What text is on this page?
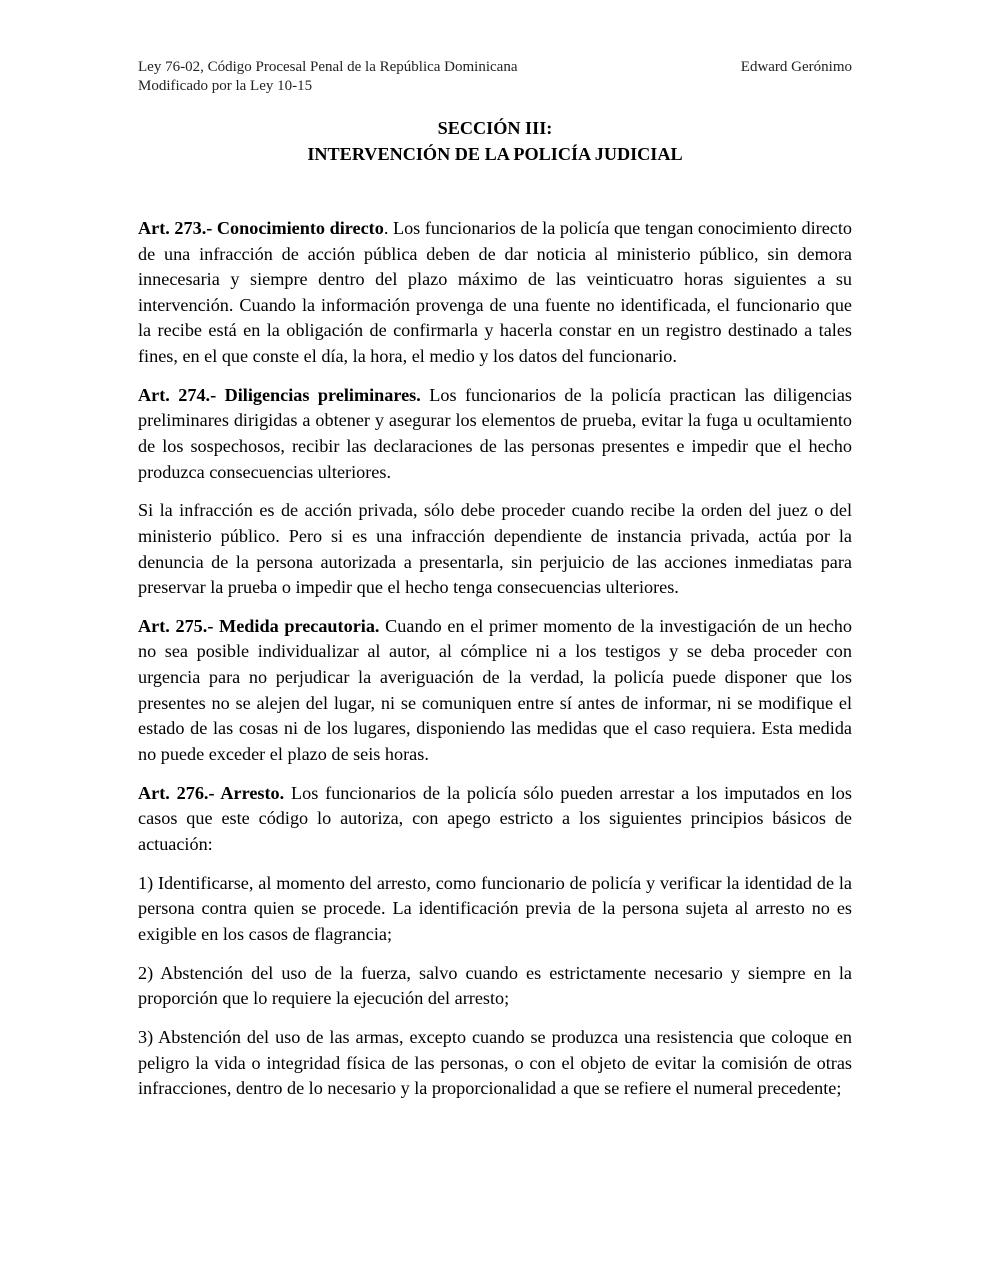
Ley 76-02, Código Procesal Penal de la República Dominicana	Edward Gerónimo
Modificado por la Ley 10-15
SECCIÓN III:
INTERVENCIÓN DE LA POLICÍA JUDICIAL

Art. 273.- Conocimiento directo. Los funcionarios de la policía que tengan conocimiento directo de una infracción de acción pública deben de dar noticia al ministerio público, sin demora innecesaria y siempre dentro del plazo máximo de las veinticuatro horas siguientes a su intervención. Cuando la información provenga de una fuente no identificada, el funcionario que la recibe está en la obligación de confirmarla y hacerla constar en un registro destinado a tales fines, en el que conste el día, la hora, el medio y los datos del funcionario.

Art. 274.- Diligencias preliminares. Los funcionarios de la policía practican las diligencias preliminares dirigidas a obtener y asegurar los elementos de prueba, evitar la fuga u ocultamiento de los sospechosos, recibir las declaraciones de las personas presentes e impedir que el hecho produzca consecuencias ulteriores.

Si la infracción es de acción privada, sólo debe proceder cuando recibe la orden del juez o del ministerio público. Pero si es una infracción dependiente de instancia privada, actúa por la denuncia de la persona autorizada a presentarla, sin perjuicio de las acciones inmediatas para preservar la prueba o impedir que el hecho tenga consecuencias ulteriores.

Art. 275.- Medida precautoria. Cuando en el primer momento de la investigación de un hecho no sea posible individualizar al autor, al cómplice ni a los testigos y se deba proceder con urgencia para no perjudicar la averiguación de la verdad, la policía puede disponer que los presentes no se alejen del lugar, ni se comuniquen entre sí antes de informar, ni se modifique el estado de las cosas ni de los lugares, disponiendo las medidas que el caso requiera. Esta medida no puede exceder el plazo de seis horas.

Art. 276.- Arresto. Los funcionarios de la policía sólo pueden arrestar a los imputados en los casos que este código lo autoriza, con apego estricto a los siguientes principios básicos de actuación:

1) Identificarse, al momento del arresto, como funcionario de policía y verificar la identidad de la persona contra quien se procede. La identificación previa de la persona sujeta al arresto no es exigible en los casos de flagrancia;

2) Abstención del uso de la fuerza, salvo cuando es estrictamente necesario y siempre en la proporción que lo requiere la ejecución del arresto;

3) Abstención del uso de las armas, excepto cuando se produzca una resistencia que coloque en peligro la vida o integridad física de las personas, o con el objeto de evitar la comisión de otras infracciones, dentro de lo necesario y la proporcionalidad a que se refiere el numeral precedente;
